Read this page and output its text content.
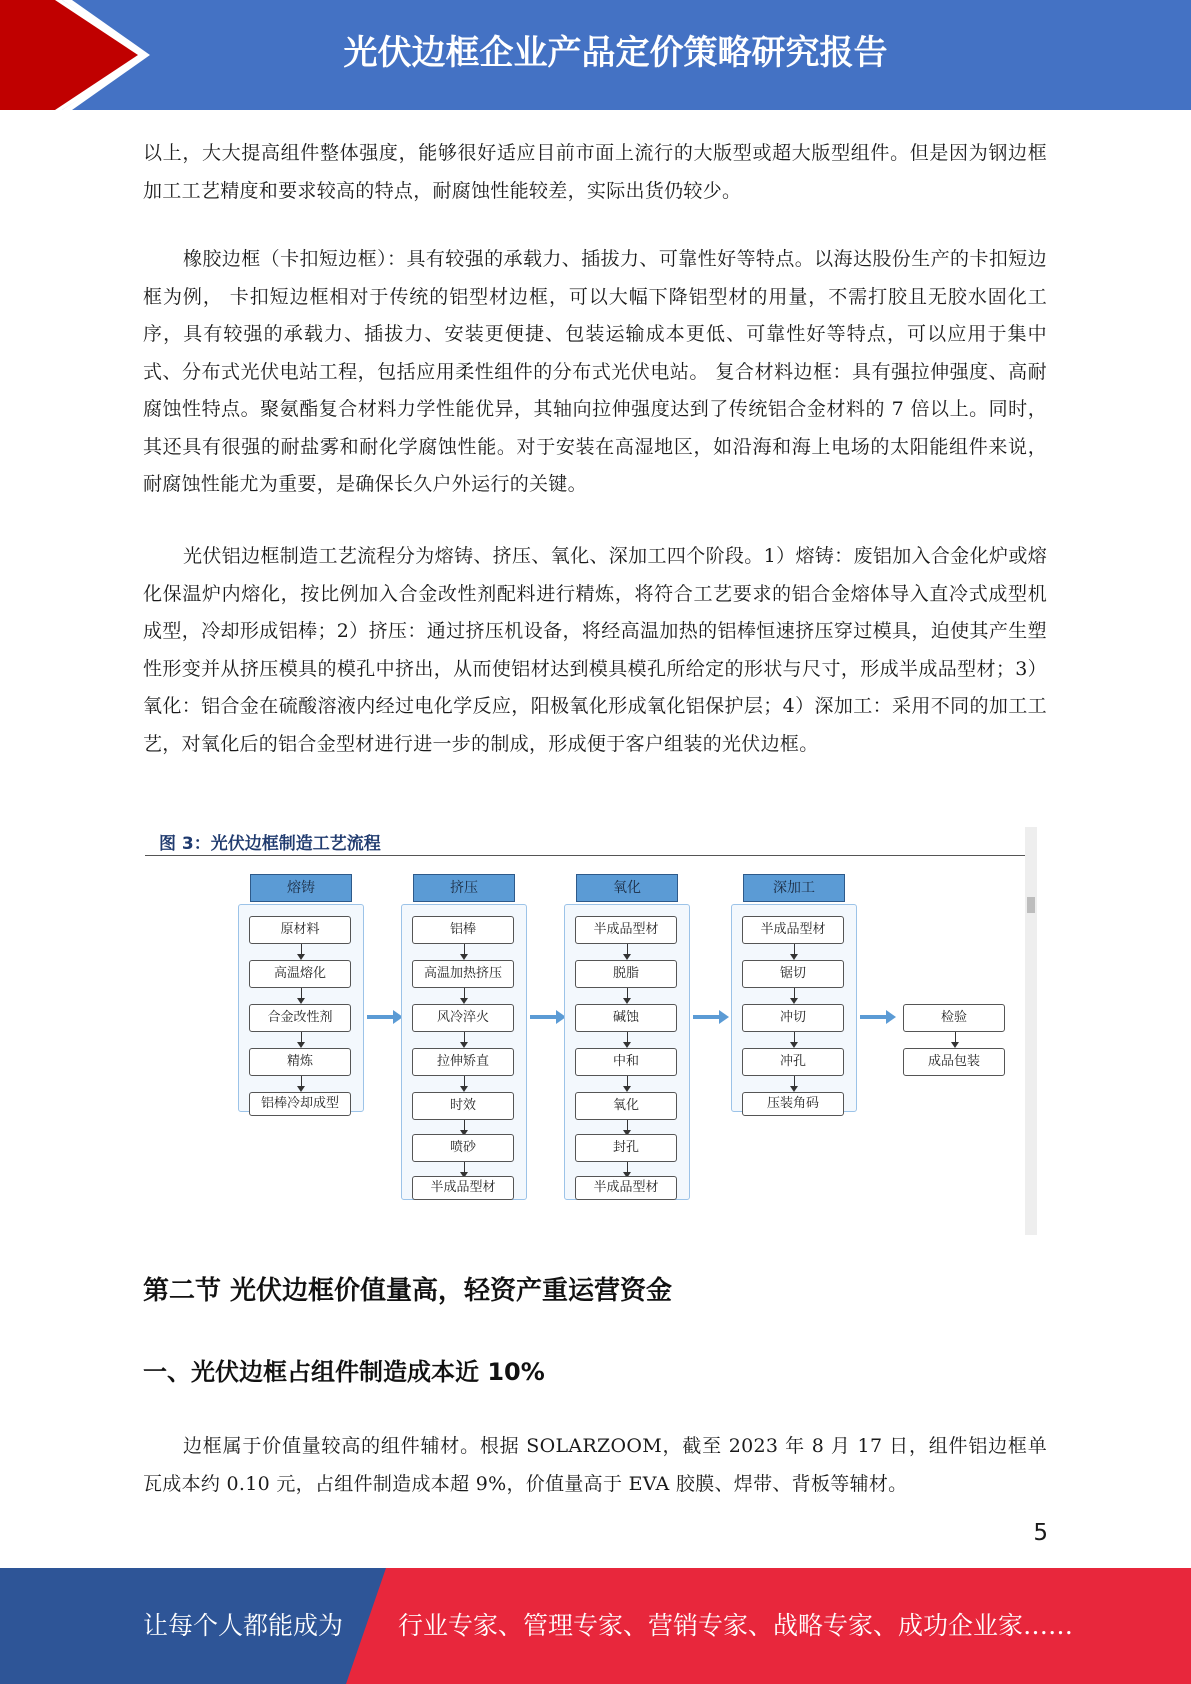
光伏边框企业产品定价策略研究报告

以上，大大提高组件整体强度，能够很好适应目前市面上流行的大版型或超大版型组件。但是因为钢边框加工工艺精度和要求较高的特点，耐腐蚀性能较差，实际出货仍较少。

橡胶边框（卡扣短边框）：具有较强的承载力、插拔力、可靠性好等特点。以海达股份生产的卡扣短边框为例， 卡扣短边框相对于传统的铝型材边框，可以大幅下降铝型材的用量，不需打胶且无胶水固化工序，具有较强的承载力、插拔力、安装更便捷、包装运输成本更低、可靠性好等特点，可以应用于集中式、分布式光伏电站工程，包括应用柔性组件的分布式光伏电站。 复合材料边框：具有强拉伸强度、高耐腐蚀性特点。聚氨酯复合材料力学性能优异，其轴向拉伸强度达到了传统铝合金材料的 7 倍以上。同时，其还具有很强的耐盐雾和耐化学腐蚀性能。对于安装在高湿地区，如沿海和海上电场的太阳能组件来说，耐腐蚀性能尤为重要，是确保长久户外运行的关键。

光伏铝边框制造工艺流程分为熔铸、挤压、氧化、深加工四个阶段。1）熔铸：废铝加入合金化炉或熔化保温炉内熔化，按比例加入合金改性剂配料进行精炼，将符合工艺要求的铝合金熔体导入直冷式成型机成型，冷却形成铝棒；2）挤压：通过挤压机设备，将经高温加热的铝棒恒速挤压穿过模具，迫使其产生塑性形变并从挤压模具的模孔中挤出，从而使铝材达到模具模孔所给定的形状与尺寸，形成半成品型材；3）氧化：铝合金在硫酸溶液内经过电化学反应，阳极氧化形成氧化铝保护层；4）深加工：采用不同的加工工艺，对氧化后的铝合金型材进行进一步的制成，形成便于客户组装的光伏边框。

图 3：光伏边框制造工艺流程
熔铸
原材料
高温熔化
合金改性剂
精炼
铝棒冷却成型
挤压
铝棒
高温加热挤压
风冷淬火
拉伸矫直
时效
喷砂
半成品型材
氧化
半成品型材
脱脂
碱蚀
中和
氧化
封孔
半成品型材
深加工
半成品型材
锯切
冲切
冲孔
压装角码
检验
成品包装
第二节 光伏边框价值量高，轻资产重运营资金
一、光伏边框占组件制造成本近 10%

边框属于价值量较高的组件辅材。根据 SOLARZOOM，截至 2023 年 8 月 17 日，组件铝边框单瓦成本约 0.10 元，占组件制造成本超 9%，价值量高于 EVA 胶膜、焊带、背板等辅材。

5
让每个人都能成为 行业专家、管理专家、营销专家、战略专家、成功企业家……
